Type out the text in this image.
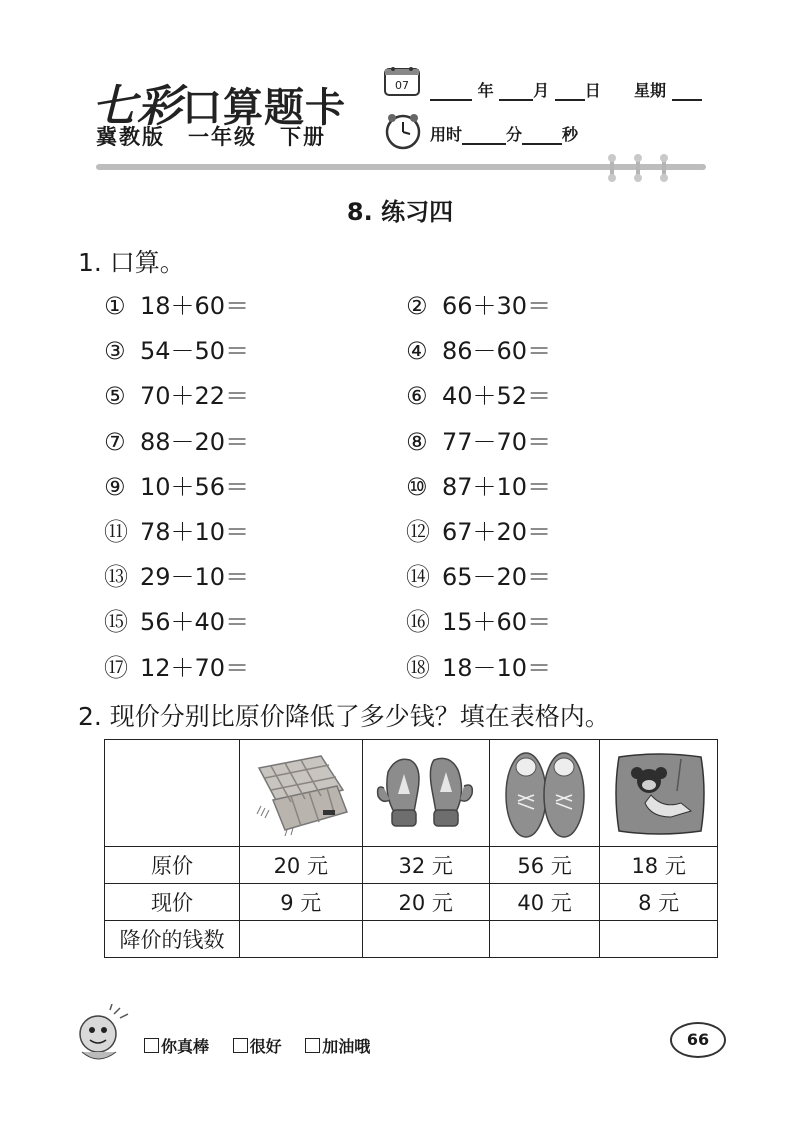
七彩口算题卡
冀教版　一年级　下册
07	年 月 日 星期
用时	分	秒
8. 练习四
1. 口算。
① 18＋60＝	② 66＋30＝
③ 54－50＝	④ 86－60＝
⑤ 70＋22＝	⑥ 40＋52＝
⑦ 88－20＝	⑧ 77－70＝
⑨ 10＋56＝	⑩ 87＋10＝
⑪ 78＋10＝	⑫ 67＋20＝
⑬ 29－10＝	⑭ 65－20＝
⑮ 56＋40＝	⑯ 15＋60＝
⑰ 12＋70＝	⑱ 18－10＝
2. 现价分别比原价降低了多少钱？填在表格内。

原价	20 元	32 元	56 元	18 元
现价	9 元	20 元	40 元	8 元
降价的钱数				
你真棒	很好	加油哦	66
